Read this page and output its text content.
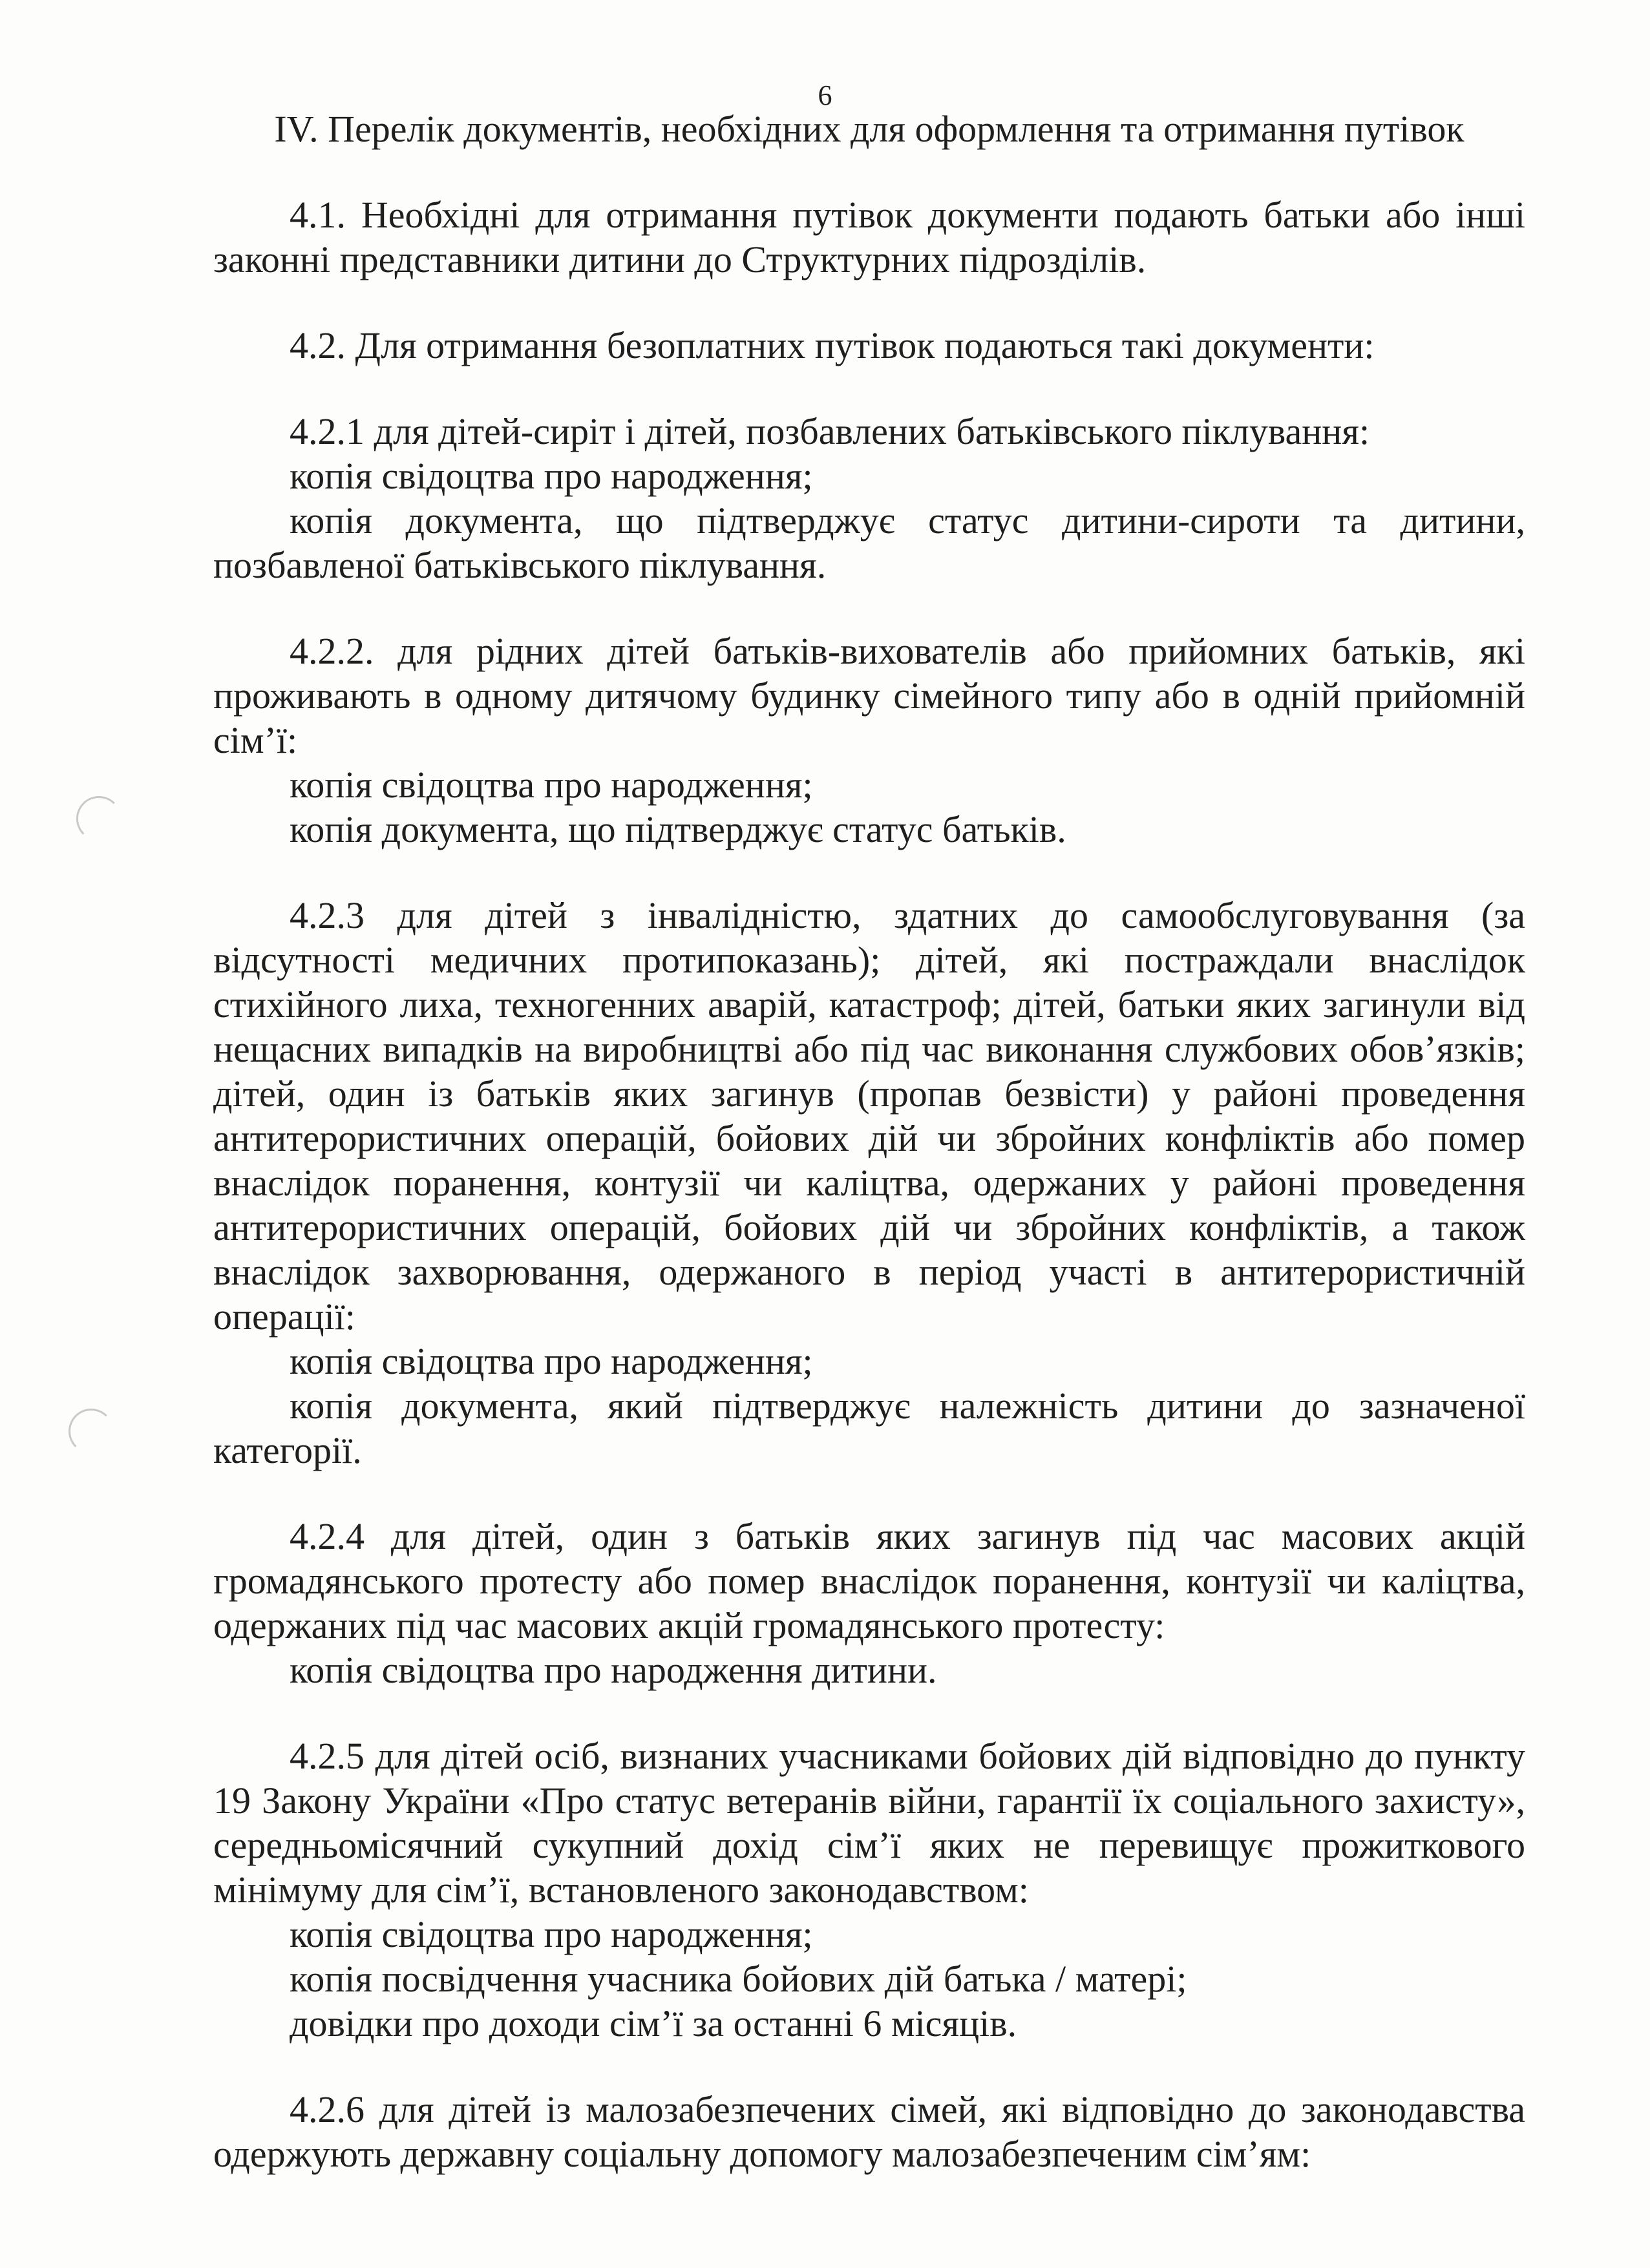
6

IV. Перелік документів, необхідних для оформлення та отримання путівок

4.1. Необхідні для отримання путівок документи подають батьки або інші законні представники дитини до Структурних підрозділів.

4.2. Для отримання безоплатних путівок подаються такі документи:

4.2.1 для дітей-сиріт і дітей, позбавлених батьківського піклування:

копія свідоцтва про народження;

копія документа, що підтверджує статус дитини-сироти та дитини, позбавленої батьківського піклування.

4.2.2. для рідних дітей батьків-вихователів або прийомних батьків, які проживають в одному дитячому будинку сімейного типу або в одній прийомній сім’ї:

копія свідоцтва про народження;

копія документа, що підтверджує статус батьків.

4.2.3 для дітей з інвалідністю, здатних до самообслуговування (за відсутності медичних протипоказань); дітей, які постраждали внаслідок стихійного лиха, техногенних аварій, катастроф; дітей, батьки яких загинули від нещасних випадків на виробництві або під час виконання службових обов’язків; дітей, один із батьків яких загинув (пропав безвісти) у районі проведення антитерористичних операцій, бойових дій чи збройних конфліктів або помер внаслідок поранення, контузії чи каліцтва, одержаних у районі проведення антитерористичних операцій, бойових дій чи збройних конфліктів, а також внаслідок захворювання, одержаного в період участі в антитерористичній операції:

копія свідоцтва про народження;

копія документа, який підтверджує належність дитини до зазначеної категорії.

4.2.4 для дітей, один з батьків яких загинув під час масових акцій громадянського протесту або помер внаслідок поранення, контузії чи каліцтва, одержаних під час масових акцій громадянського протесту:

копія свідоцтва про народження дитини.

4.2.5 для дітей осіб, визнаних учасниками бойових дій відповідно до пункту 19 Закону України «Про статус ветеранів війни, гарантії їх соціального захисту», середньомісячний сукупний дохід сім’ї яких не перевищує прожиткового мінімуму для сім’ї, встановленого законодавством:

копія свідоцтва про народження;

копія посвідчення учасника бойових дій батька / матері;

довідки про доходи сім’ї за останні 6 місяців.

4.2.6 для дітей із малозабезпечених сімей, які відповідно до законодавства одержують державну соціальну допомогу малозабезпеченим сім’ям:
